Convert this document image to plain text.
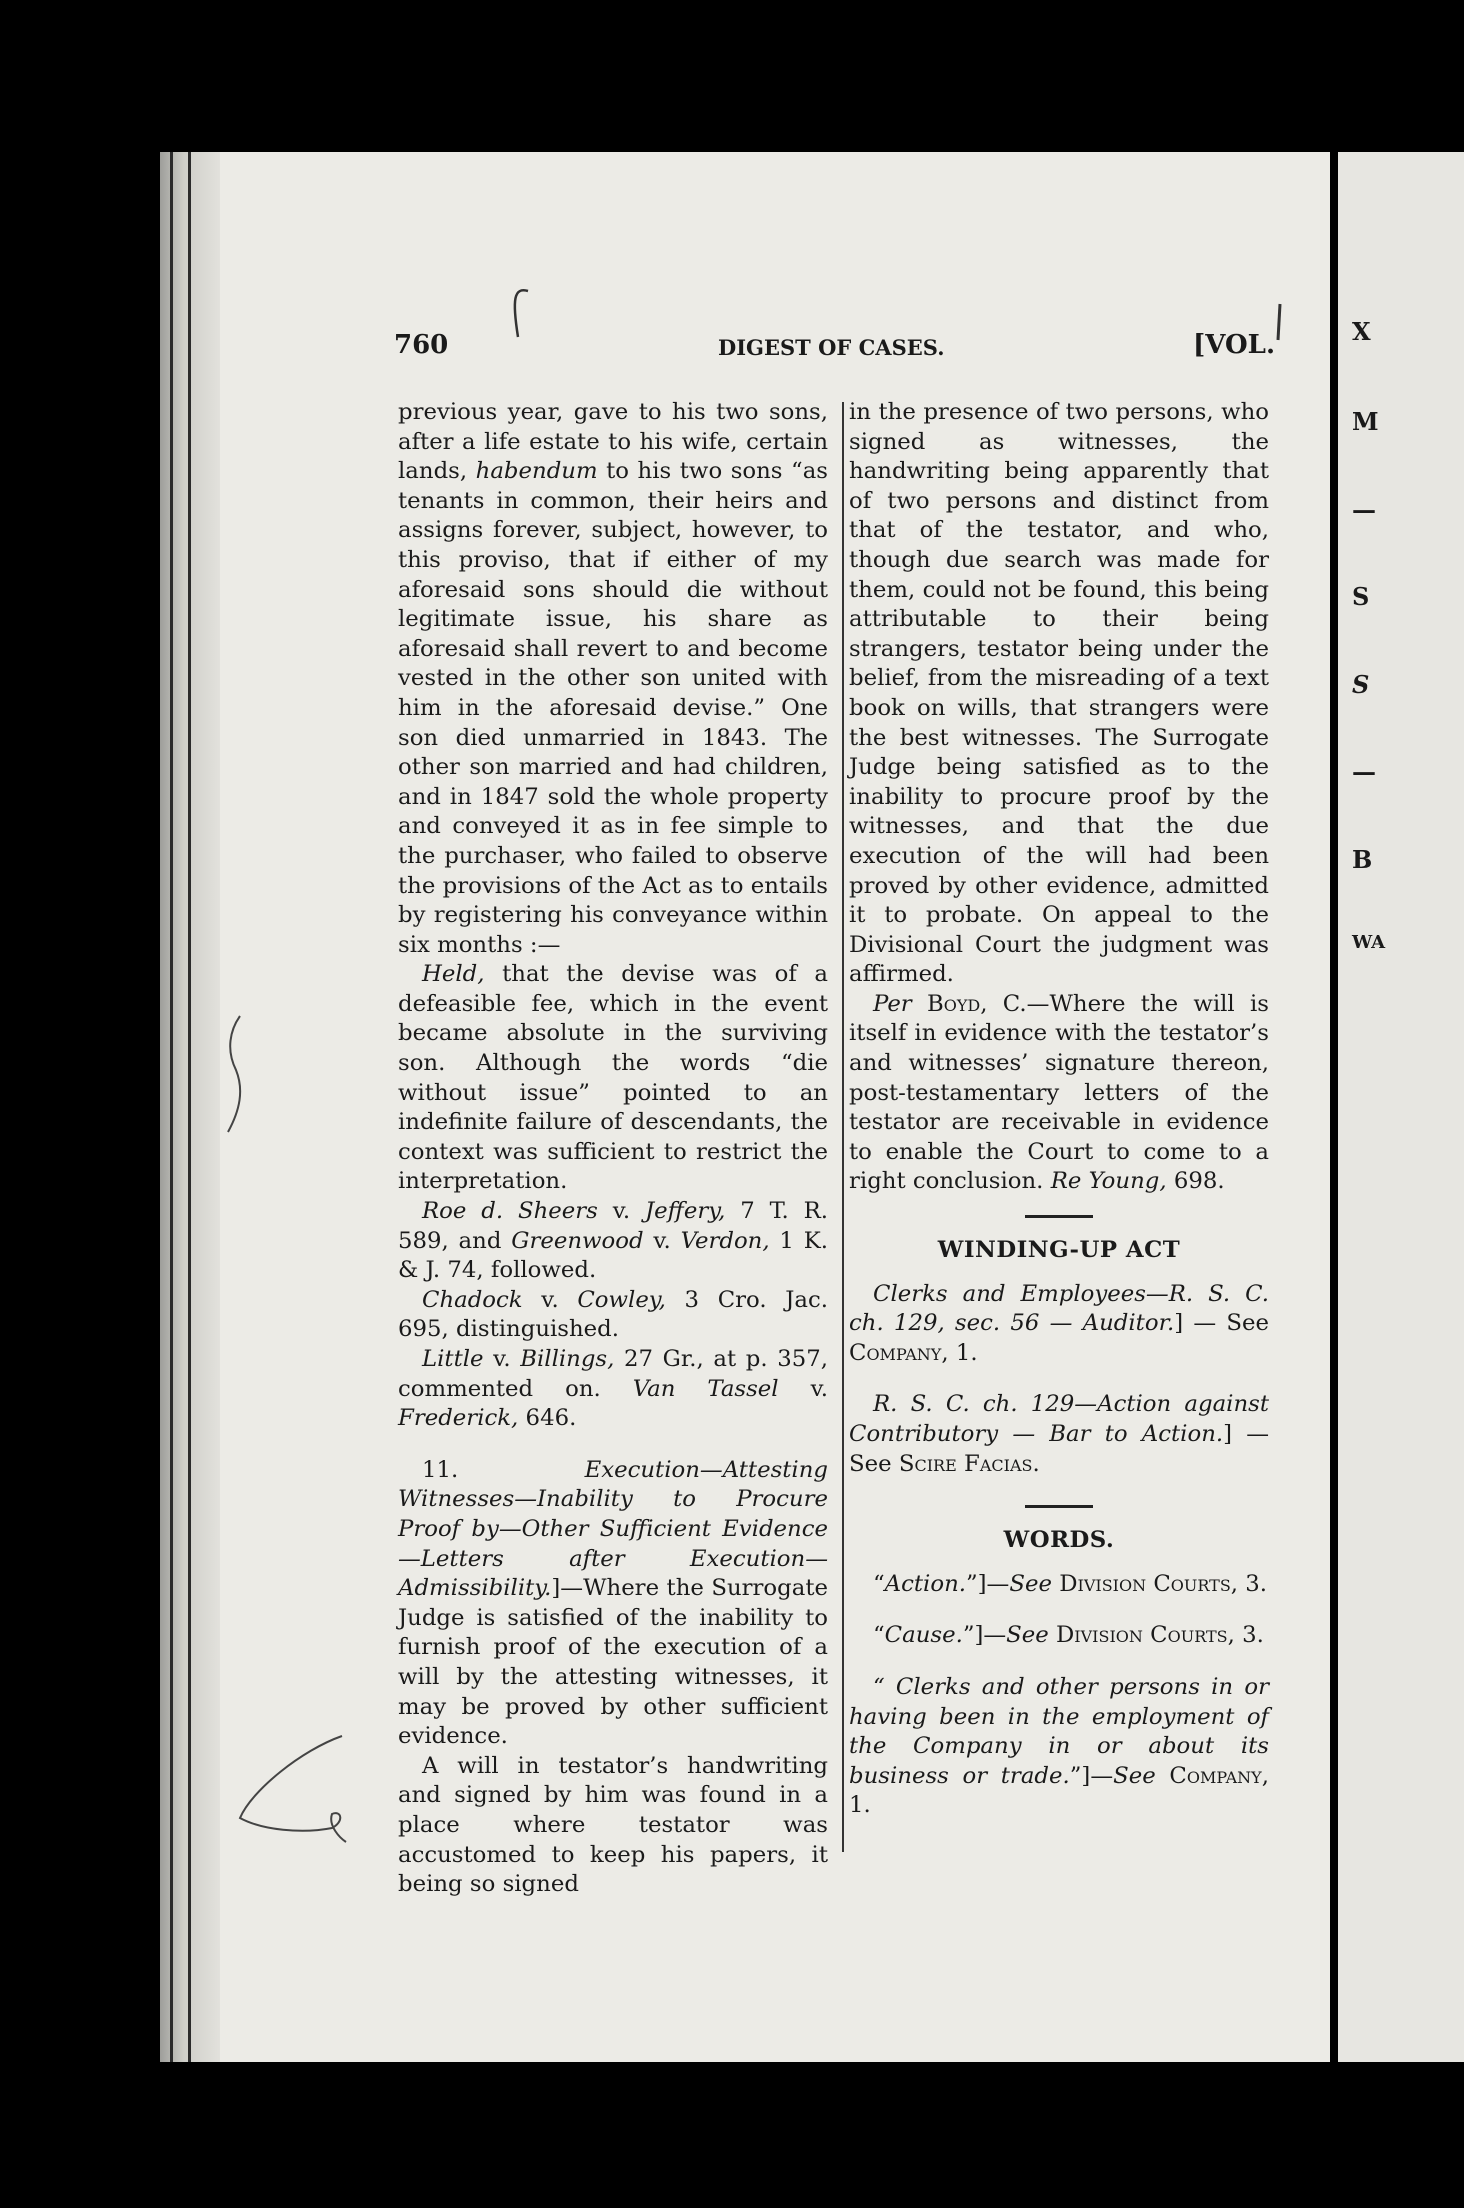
X
M
—
S
S
—
B
WA
760	DIGEST OF CASES.	[VOL.

previous year, gave to his two sons, after a life estate to his wife, certain lands, habendum to his two sons “as tenants in common, their heirs and assigns forever, subject, however, to this proviso, that if either of my aforesaid sons should die without legitimate issue, his share as aforesaid shall revert to and become vested in the other son united with him in the aforesaid devise.” One son died unmarried in 1843. The other son married and had children, and in 1847 sold the whole property and conveyed it as in fee simple to the purchaser, who failed to observe the provisions of the Act as to entails by registering his conveyance within six months :—

Held, that the devise was of a defeasible fee, which in the event became absolute in the surviving son. Although the words “die without issue” pointed to an indefinite failure of descendants, the context was sufficient to restrict the interpretation.

Roe d. Sheers v. Jeffery, 7 T. R. 589, and Greenwood v. Verdon, 1 K. & J. 74, followed.

Chadock v. Cowley, 3 Cro. Jac. 695, distinguished.

Little v. Billings, 27 Gr., at p. 357, commented on. Van Tassel v. Frederick, 646.

11. Execution—Attesting Witnesses—Inability to Procure Proof by—Other Sufficient Evidence—Letters after Execution—Admissibility.]—Where the Surrogate Judge is satisfied of the inability to furnish proof of the execution of a will by the attesting witnesses, it may be proved by other sufficient evidence.

A will in testator’s handwriting and signed by him was found in a place where testator was accustomed to keep his papers, it being so signed

in the presence of two persons, who signed as witnesses, the handwriting being apparently that of two persons and distinct from that of the testator, and who, though due search was made for them, could not be found, this being attributable to their being strangers, testator being under the belief, from the misreading of a text book on wills, that strangers were the best witnesses. The Surrogate Judge being satisfied as to the inability to procure proof by the witnesses, and that the due execution of the will had been proved by other evidence, admitted it to probate. On appeal to the Divisional Court the judgment was affirmed.

Per Boyd, C.—Where the will is itself in evidence with the testator’s and witnesses’ signature thereon, post-testamentary letters of the testator are receivable in evidence to enable the Court to come to a right conclusion. Re Young, 698.

WINDING-UP ACT

Clerks and Employees—R. S. C. ch. 129, sec. 56 — Auditor.] — See Company, 1.

R. S. C. ch. 129—Action against Contributory — Bar to Action.] — See Scire Facias.

WORDS.

“Action.”]—See Division Courts, 3.

“Cause.”]—See Division Courts, 3.

“ Clerks and other persons in or having been in the employment of the Company in or about its business or trade.”]—See Company, 1.
